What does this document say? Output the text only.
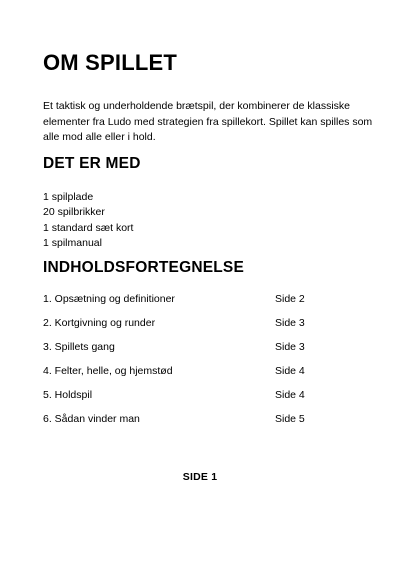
OM SPILLET

Et taktisk og underholdende brætspil, der kombinerer de klassiske elementer fra Ludo med strategien fra spillekort. Spillet kan spilles som alle mod alle eller i hold.

DET ER MED
1 spilplade
20 spilbrikker
1 standard sæt kort
1 spilmanual
INDHOLDSFORTEGNELSE
1. Opsætning og definitioner	Side 2
2. Kortgivning og runder	Side 3
3. Spillets gang	Side 3
4. Felter, helle, og hjemstød	Side 4
5. Holdspil	Side 4
6. Sådan vinder man	Side 5
SIDE 1
